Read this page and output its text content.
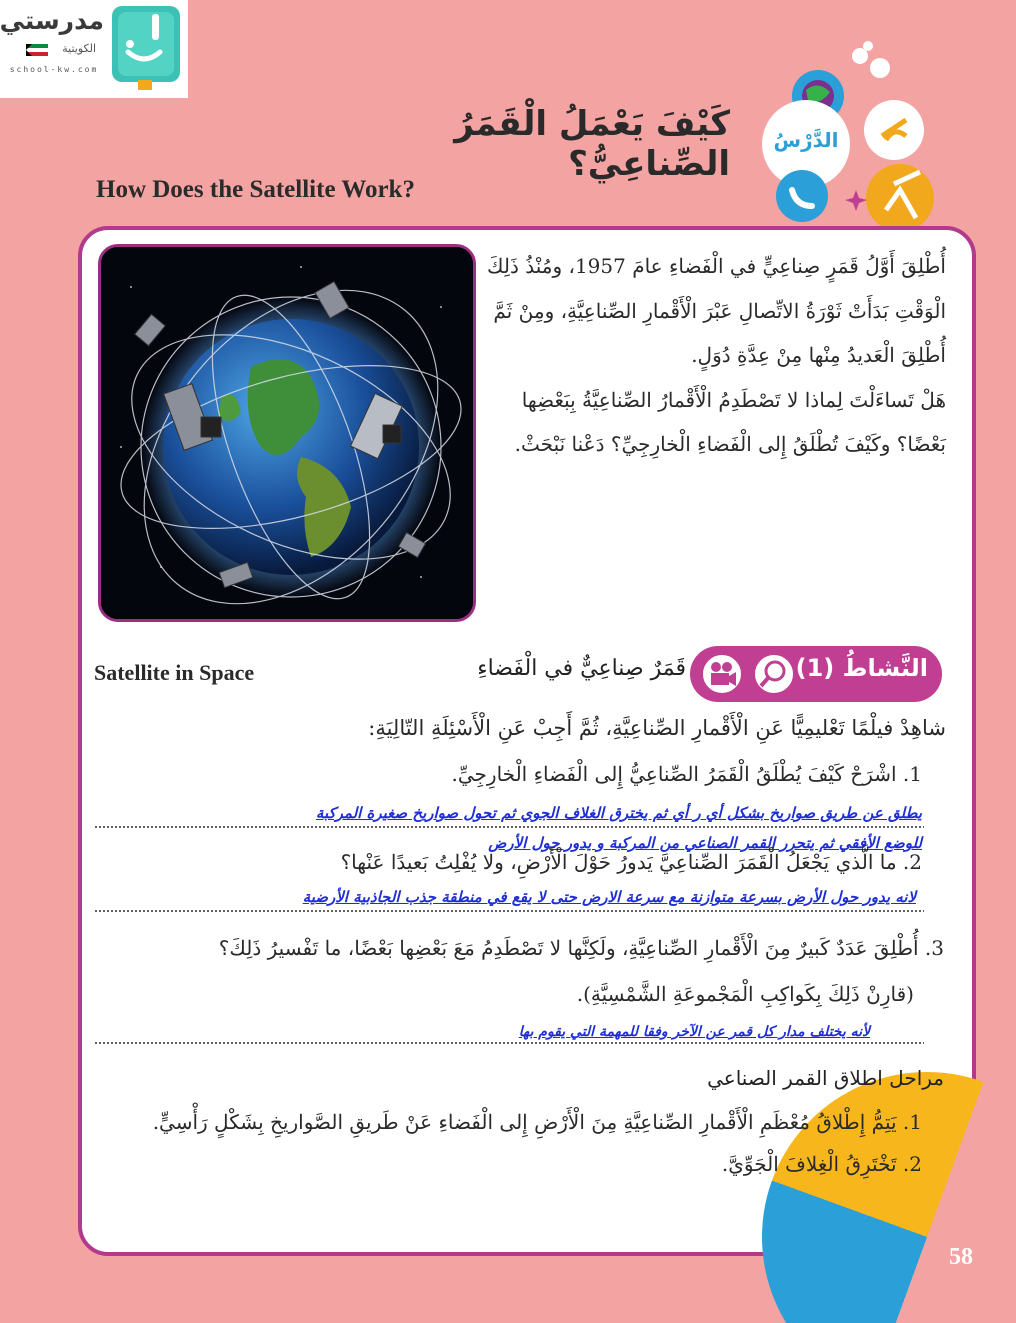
مدرستي
الكويتية
school-kw.com
الدَّرْسُ
كَيْفَ يَعْمَلُ الْقَمَرُ الصِّناعِيُّ؟
How Does the Satellite Work?

أُطْلِقَ أَوَّلُ قَمَرٍ صِناعِيٍّ في الْفَضاءِ عامَ 1957، ومُنْذُ ذَلِكَ الْوَقْتِ بَدَأَتْ ثَوْرَةُ الاتِّصالِ عَبْرَ الْأَقْمارِ الصِّناعِيَّةِ، ومِنْ ثَمَّ أُطْلِقَ الْعَديدُ مِنْها مِنْ عِدَّةِ دُوَلٍ.

هَلْ تَساءَلْتَ لِماذا لا تَصْطَدِمُ الْأَقْمارُ الصِّناعِيَّةُ بِبَعْضِها بَعْضًا؟ وكَيْفَ تُطْلَقُ إِلى الْفَضاءِ الْخارِجِيِّ؟ دَعْنا نَبْحَثْ.

النَّشاطُ (1)
قَمَرٌ صِناعِيٌّ في الْفَضاءِ
Satellite in Space
شاهِدْ فيلْمًا تَعْليمِيًّا عَنِ الْأَقْمارِ الصِّناعِيَّةِ، ثُمَّ أَجِبْ عَنِ الْأَسْئِلَةِ التّالِيَةِ:
1. اشْرَحْ كَيْفَ يُطْلَقُ الْقَمَرُ الصِّناعِيُّ إِلى الْفَضاءِ الْخارِجِيِّ.
يطلق عن طريق صواريخ بشكل أي ر أي ثم يخترق الغلاف الجوي ثم تحول صواريخ صغيرة المركبة
للوضع الأفقي ثم يتحرر القمر الصناعي من المركبة و يدور حول الأرض
2. ما الَّذي يَجْعَلُ الْقَمَرَ الصِّناعِيَّ يَدورُ حَوْلَ الْأَرْضِ، ولا يُفْلِتُ بَعيدًا عَنْها؟
لانه يدور حول الأرض بسرعة متوازنة مع سرعة الارض حتى لا يقع في منطقة جذب الجاذبية الأرضية
3. أُطْلِقَ عَدَدٌ كَبيرٌ مِنَ الْأَقْمارِ الصِّناعِيَّةِ، ولَكِنَّها لا تَصْطَدِمُ مَعَ بَعْضِها بَعْضًا، ما تَفْسيرُ ذَلِكَ؟
(قارِنْ ذَلِكَ بِكَواكِبِ الْمَجْموعَةِ الشَّمْسِيَّةِ).
لأنه يختلف مدار كل قمر عن الآخر وفقا للمهمة التي يقوم بها
مراحل اطلاق القمر الصناعي
1. يَتِمُّ إِطْلاقُ مُعْظَمِ الْأَقْمارِ الصِّناعِيَّةِ مِنَ الْأَرْضِ إِلى الْفَضاءِ عَنْ طَريقِ الصَّواريخِ بِشَكْلٍ رَأْسِيٍّ.
2. تَخْتَرِقُ الْغِلافَ الْجَوِّيَّ.
58
